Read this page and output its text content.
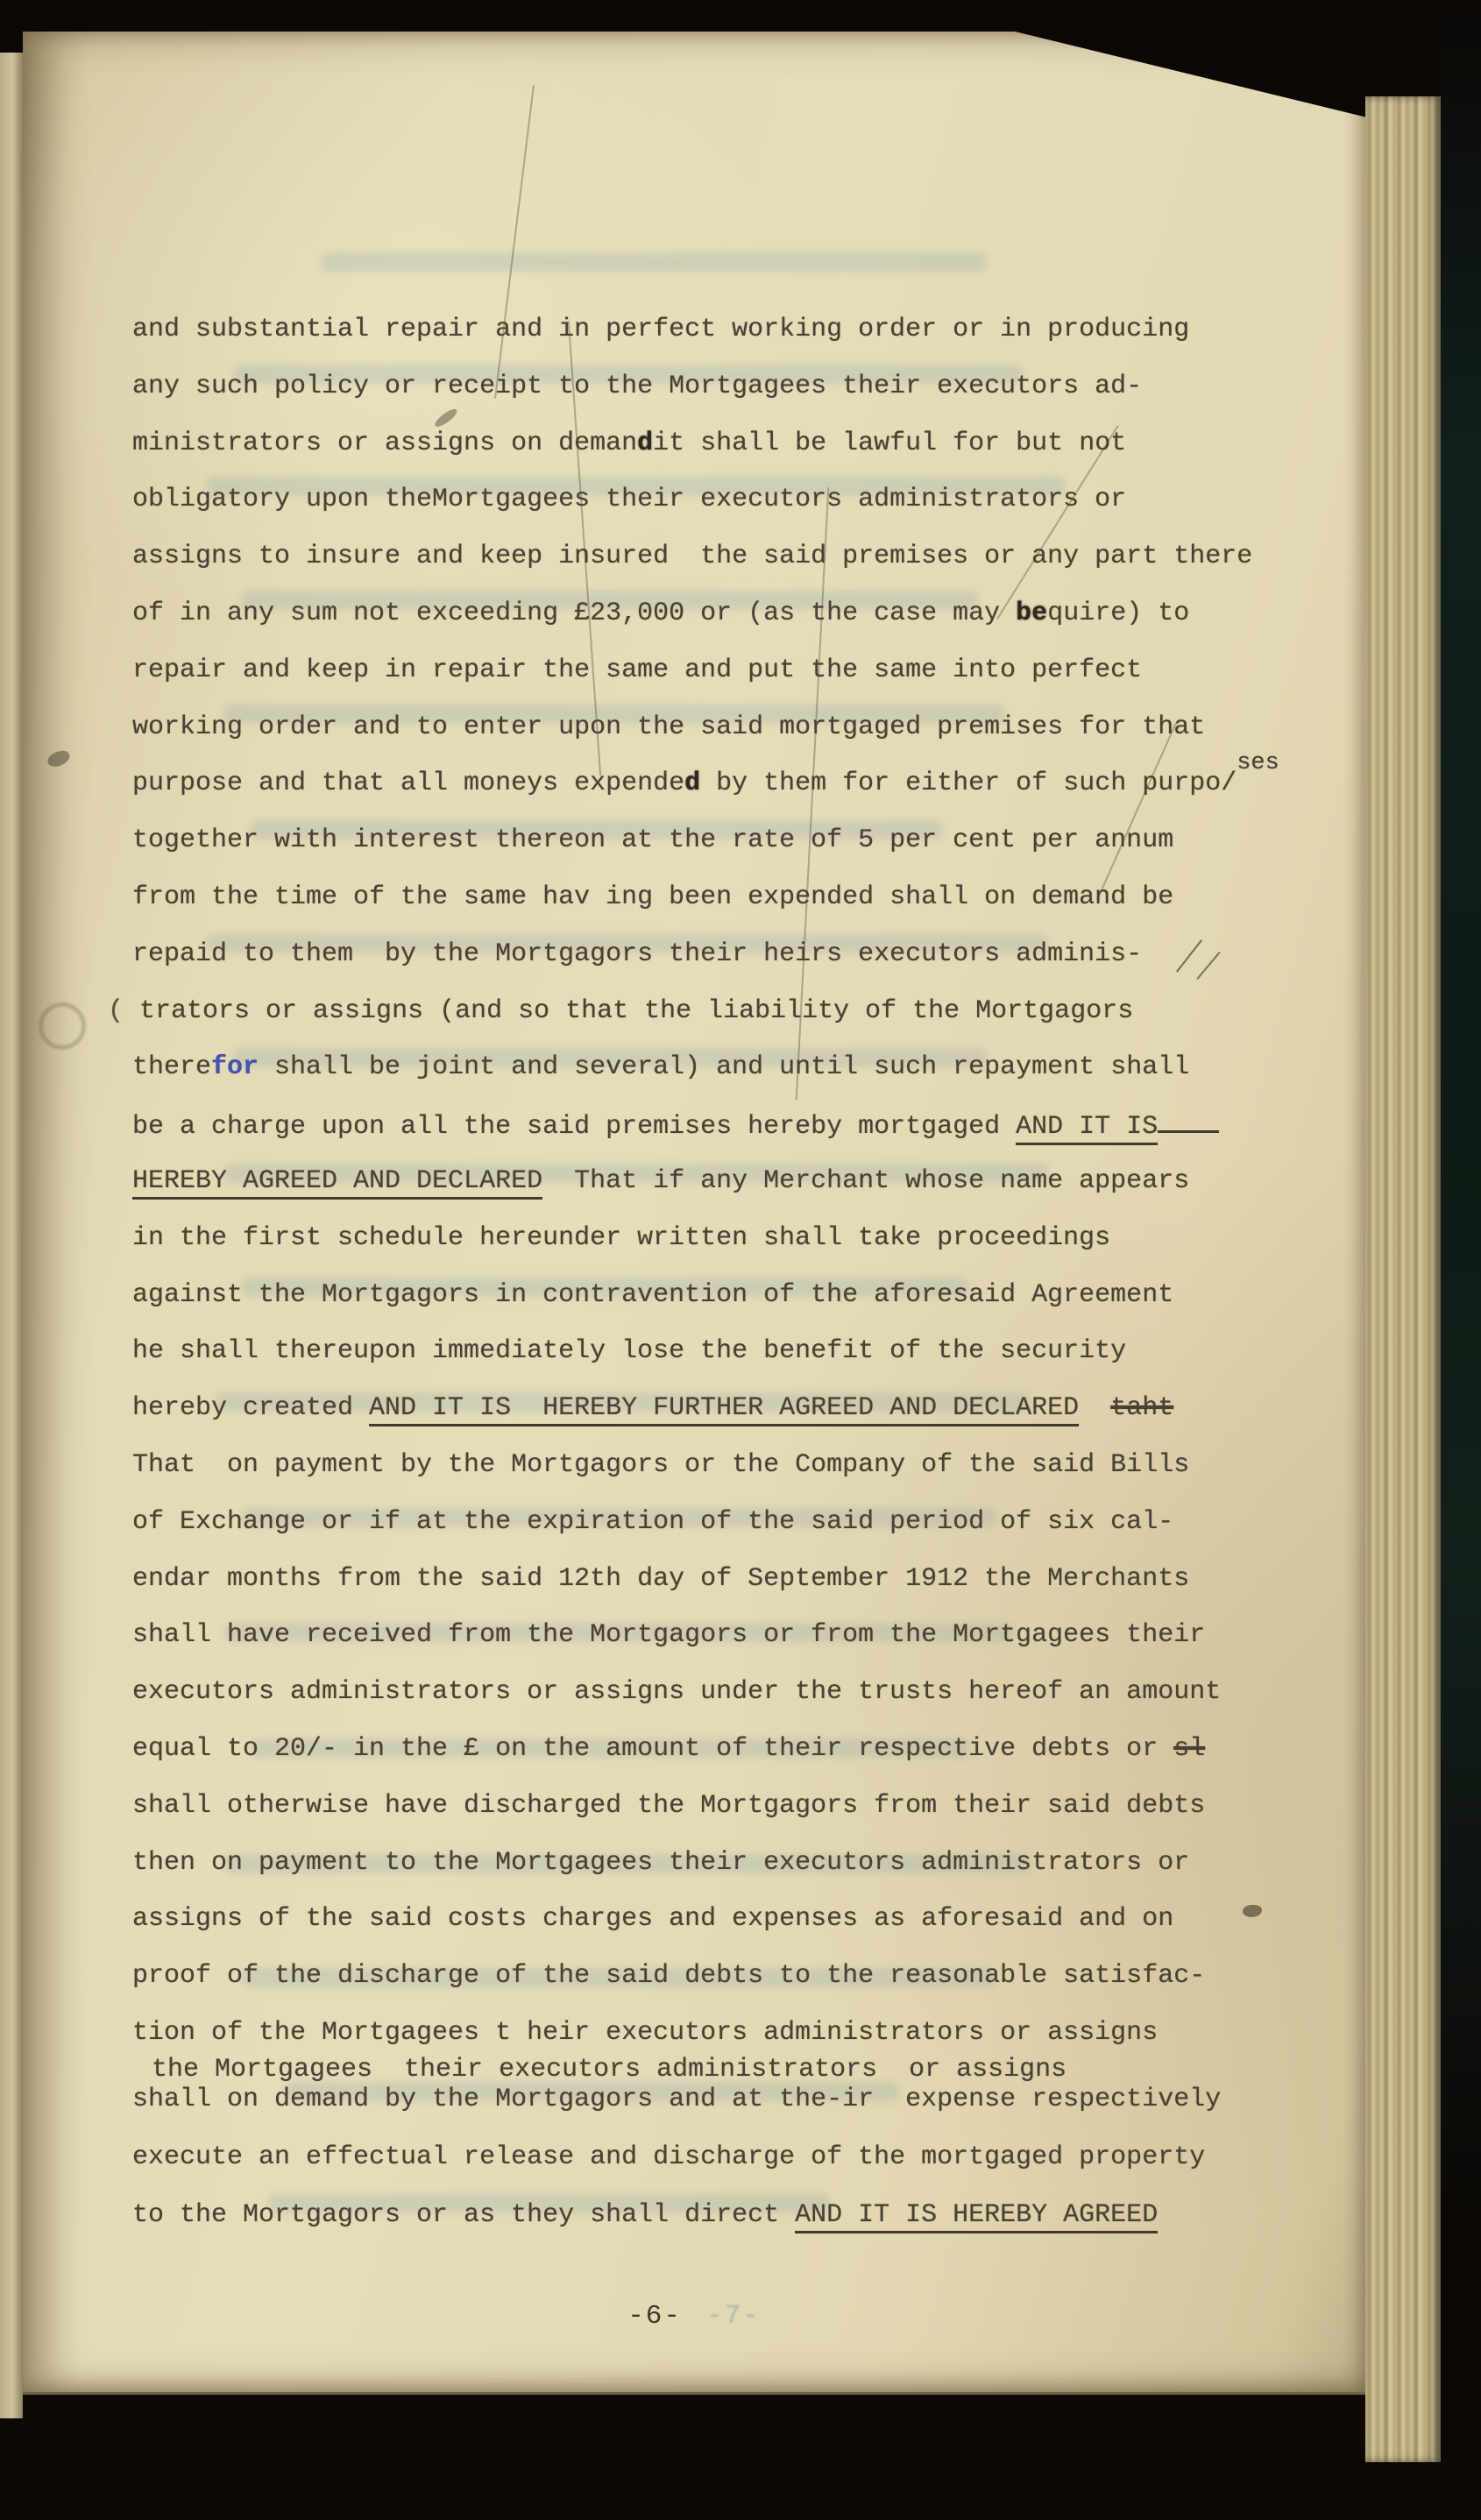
and substantial repair and in perfect working order or in producing
any such policy or receipt to the Mortgagees their executors ad-
ministrators or assigns on demandit shall be lawful for but not
obligatory upon theMortgagees their executors administrators or
assigns to insure and keep insured  the said premises or any part there
of in any sum not exceeding £23,000 or (as the case may bequire) to
repair and keep in repair the same and put the same into perfect
working order and to enter upon the said mortgaged premises for that
purpose and that all moneys expended by them for either of such purpo/ses
together with interest thereon at the rate of 5 per cent per annum
from the time of the same hav ing been expended shall on demand be
repaid to them  by the Mortgagors their heirs executors adminis-
( trators or assigns (and so that the liability of the Mortgagors
therefor shall be joint and several) and until such repayment shall
be a charge upon all the said premises hereby mortgaged AND IT IS
HEREBY AGREED AND DECLARED  That if any Merchant whose name appears
in the first schedule hereunder written shall take proceedings
against the Mortgagors in contravention of the aforesaid Agreement
he shall thereupon immediately lose the benefit of the security
hereby created AND IT IS  HEREBY FURTHER AGREED AND DECLARED taht
That  on payment by the Mortgagors or the Company of the said Bills
of Exchange or if at the expiration of the said period of six cal-
endar months from the said 12th day of September 1912 the Merchants
shall have received from the Mortgagors or from the Mortgagees their
executors administrators or assigns under the trusts hereof an amount
equal to 20/- in the £ on the amount of their respective debts or sl
shall otherwise have discharged the Mortgagors from their said debts
then on payment to the Mortgagees their executors administrators or
assigns of the said costs charges and expenses as aforesaid and on
proof of the discharge of the said debts to the reasonable satisfac-
tion of the Mortgagees t heir executors administrators or assigns
the Mortgagees  their executors administrators  or assigns
shall on demand by the Mortgagors and at the-ir  expense respectively
execute an effectual release and discharge of the mortgaged property
to the Mortgagors or as they shall direct AND IT IS HEREBY AGREED
-6- -7-
